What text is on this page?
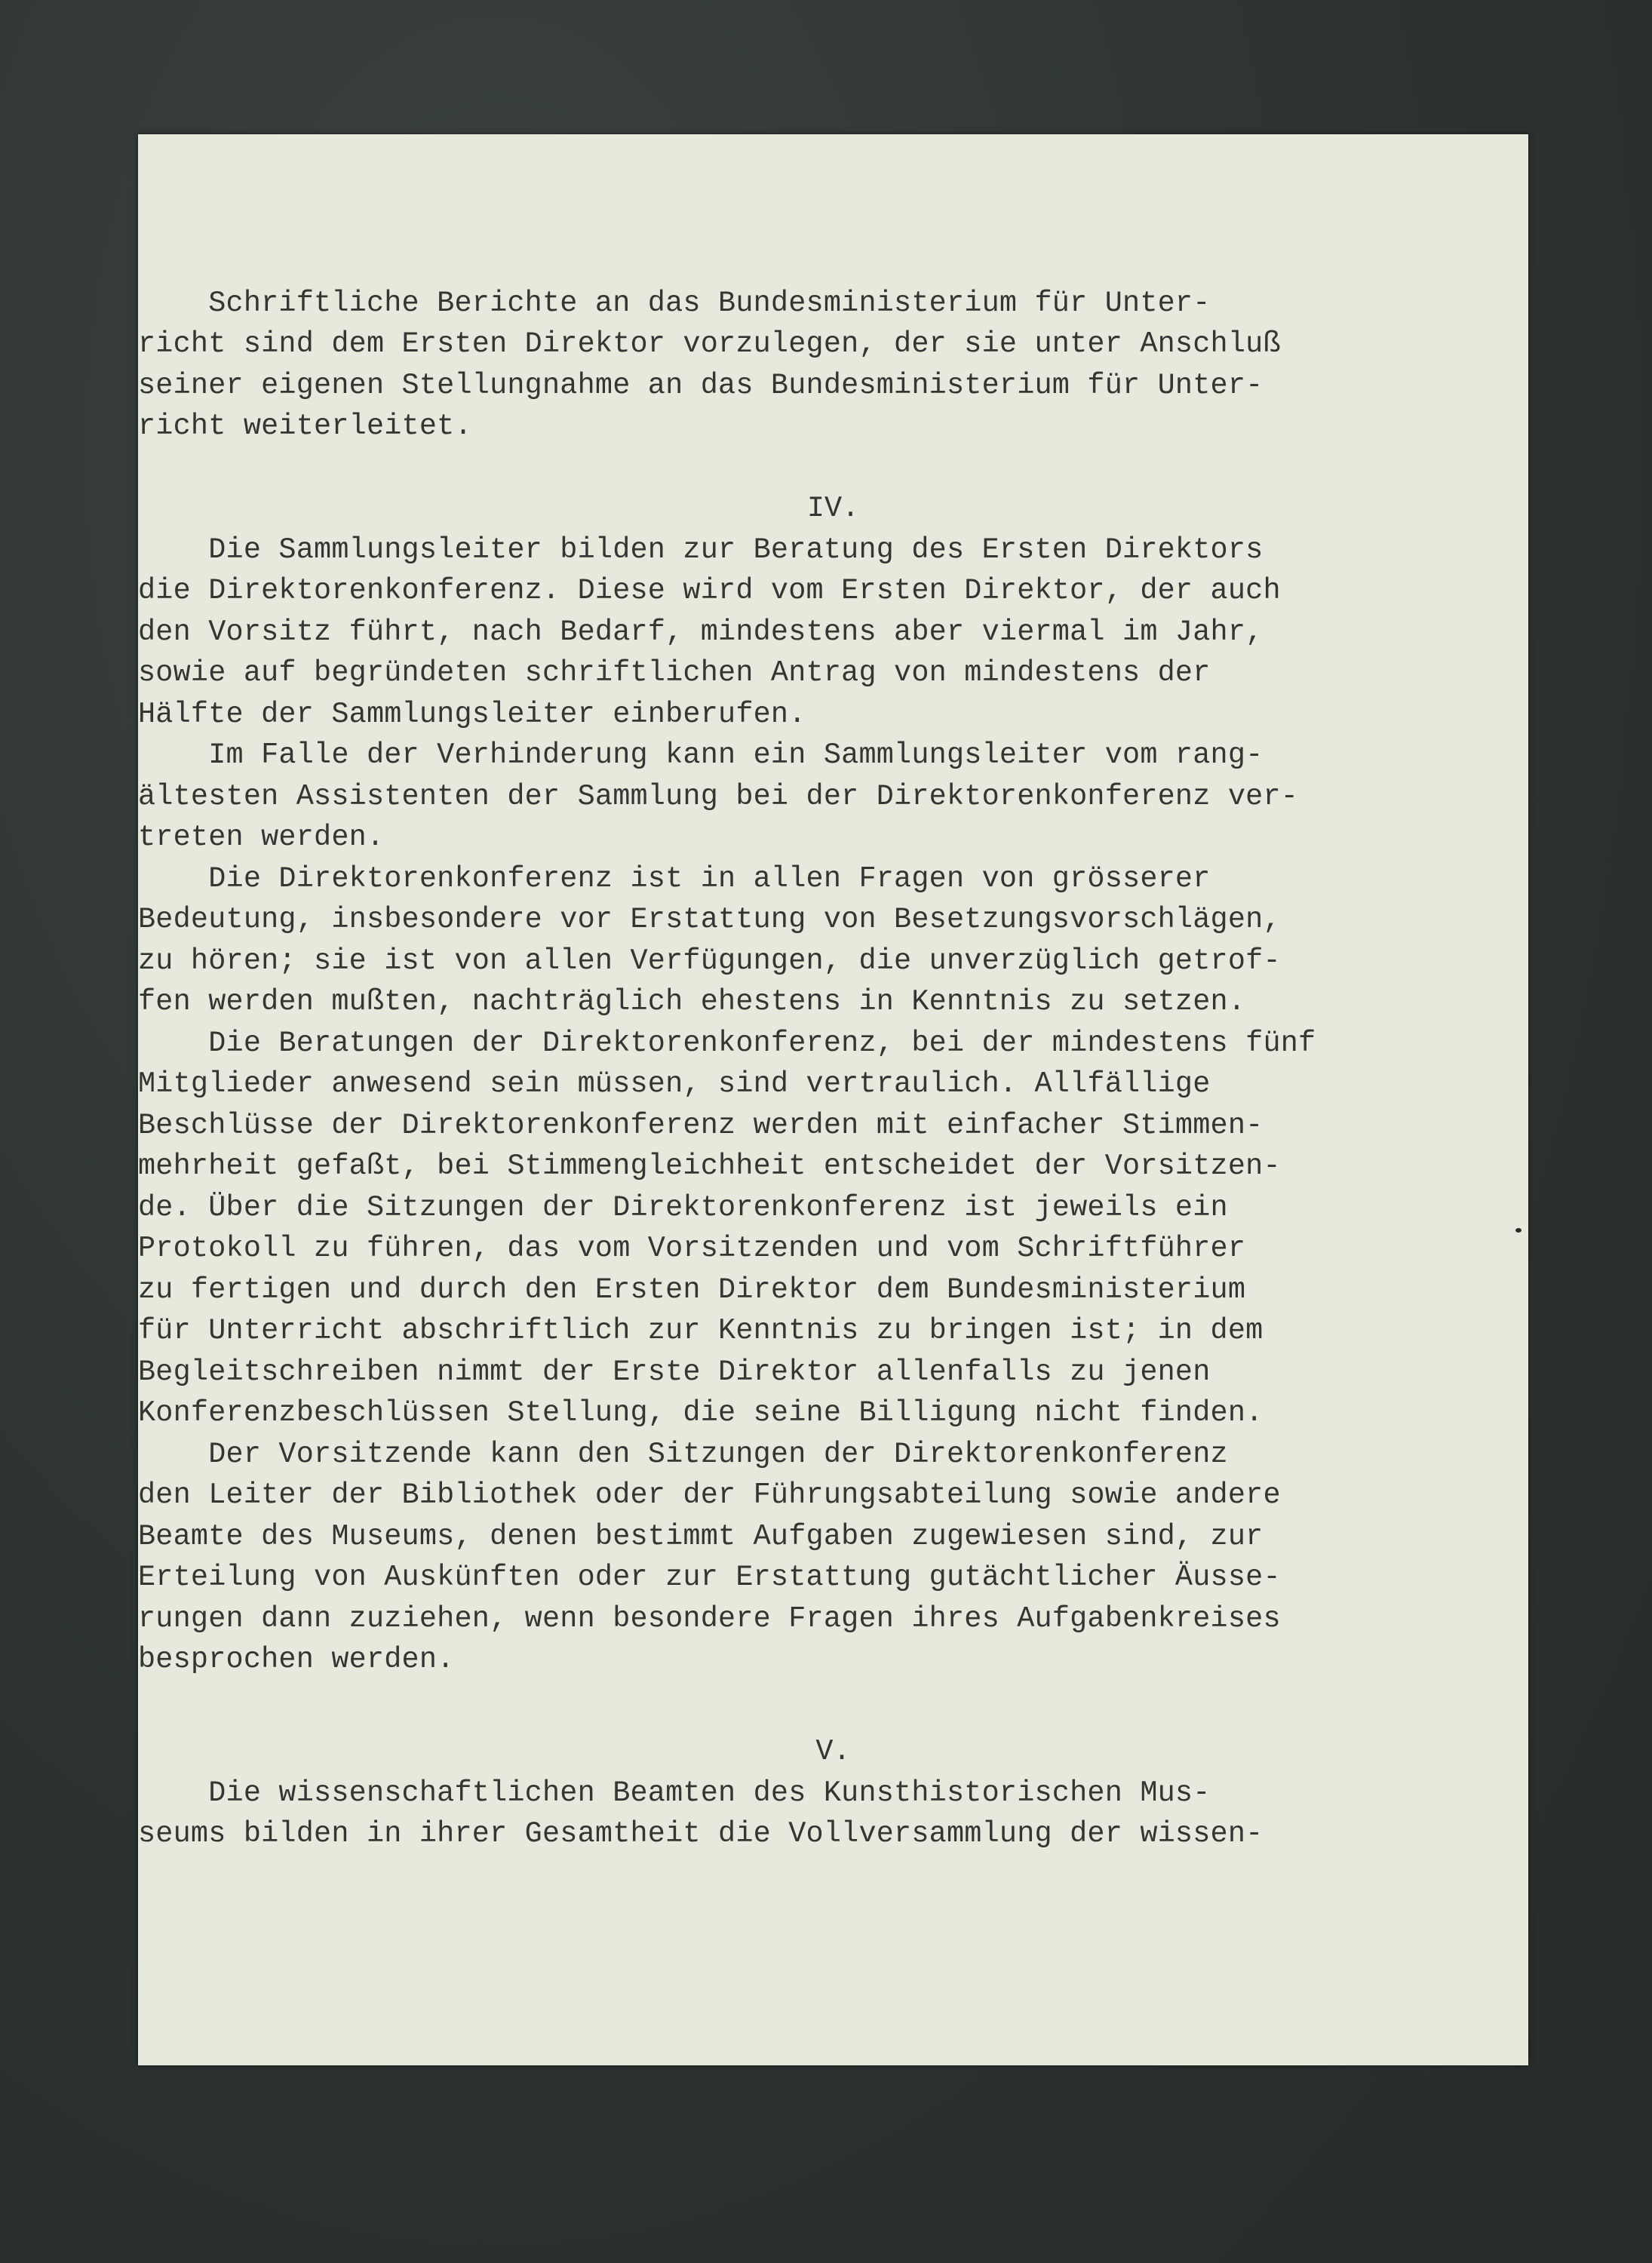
Schriftliche Berichte an das Bundesministerium für Unter-

richt sind dem Ersten Direktor vorzulegen, der sie unter Anschluß

seiner eigenen Stellungnahme an das Bundesministerium für Unter-

richt weiterleitet.

IV.

Die Sammlungsleiter bilden zur Beratung des Ersten Direktors

die Direktorenkonferenz. Diese wird vom Ersten Direktor, der auch

den Vorsitz führt, nach Bedarf, mindestens aber viermal im Jahr,

sowie auf begründeten schriftlichen Antrag von mindestens der

Hälfte der Sammlungsleiter einberufen.

Im Falle der Verhinderung kann ein Sammlungsleiter vom rang-

ältesten Assistenten der Sammlung bei der Direktorenkonferenz ver-

treten werden.

Die Direktorenkonferenz ist in allen Fragen von grösserer

Bedeutung, insbesondere vor Erstattung von Besetzungsvorschlägen,

zu hören; sie ist von allen Verfügungen, die unverzüglich getrof-

fen werden mußten, nachträglich ehestens in Kenntnis zu setzen.

Die Beratungen der Direktorenkonferenz, bei der mindestens fünf

Mitglieder anwesend sein müssen, sind vertraulich. Allfällige

Beschlüsse der Direktorenkonferenz werden mit einfacher Stimmen-

mehrheit gefaßt, bei Stimmengleichheit entscheidet der Vorsitzen-

de. Über die Sitzungen der Direktorenkonferenz ist jeweils ein

Protokoll zu führen, das vom Vorsitzenden und vom Schriftführer

zu fertigen und durch den Ersten Direktor dem Bundesministerium

für Unterricht abschriftlich zur Kenntnis zu bringen ist; in dem

Begleitschreiben nimmt der Erste Direktor allenfalls zu jenen

Konferenzbeschlüssen Stellung, die seine Billigung nicht finden.

Der Vorsitzende kann den Sitzungen der Direktorenkonferenz

den Leiter der Bibliothek oder der Führungsabteilung sowie andere

Beamte des Museums, denen bestimmt Aufgaben zugewiesen sind, zur

Erteilung von Auskünften oder zur Erstattung gutächtlicher Äusse-

rungen dann zuziehen, wenn besondere Fragen ihres Aufgabenkreises

besprochen werden.

V.

Die wissenschaftlichen Beamten des Kunsthistorischen Mus-

seums bilden in ihrer Gesamtheit die Vollversammlung der wissen-
